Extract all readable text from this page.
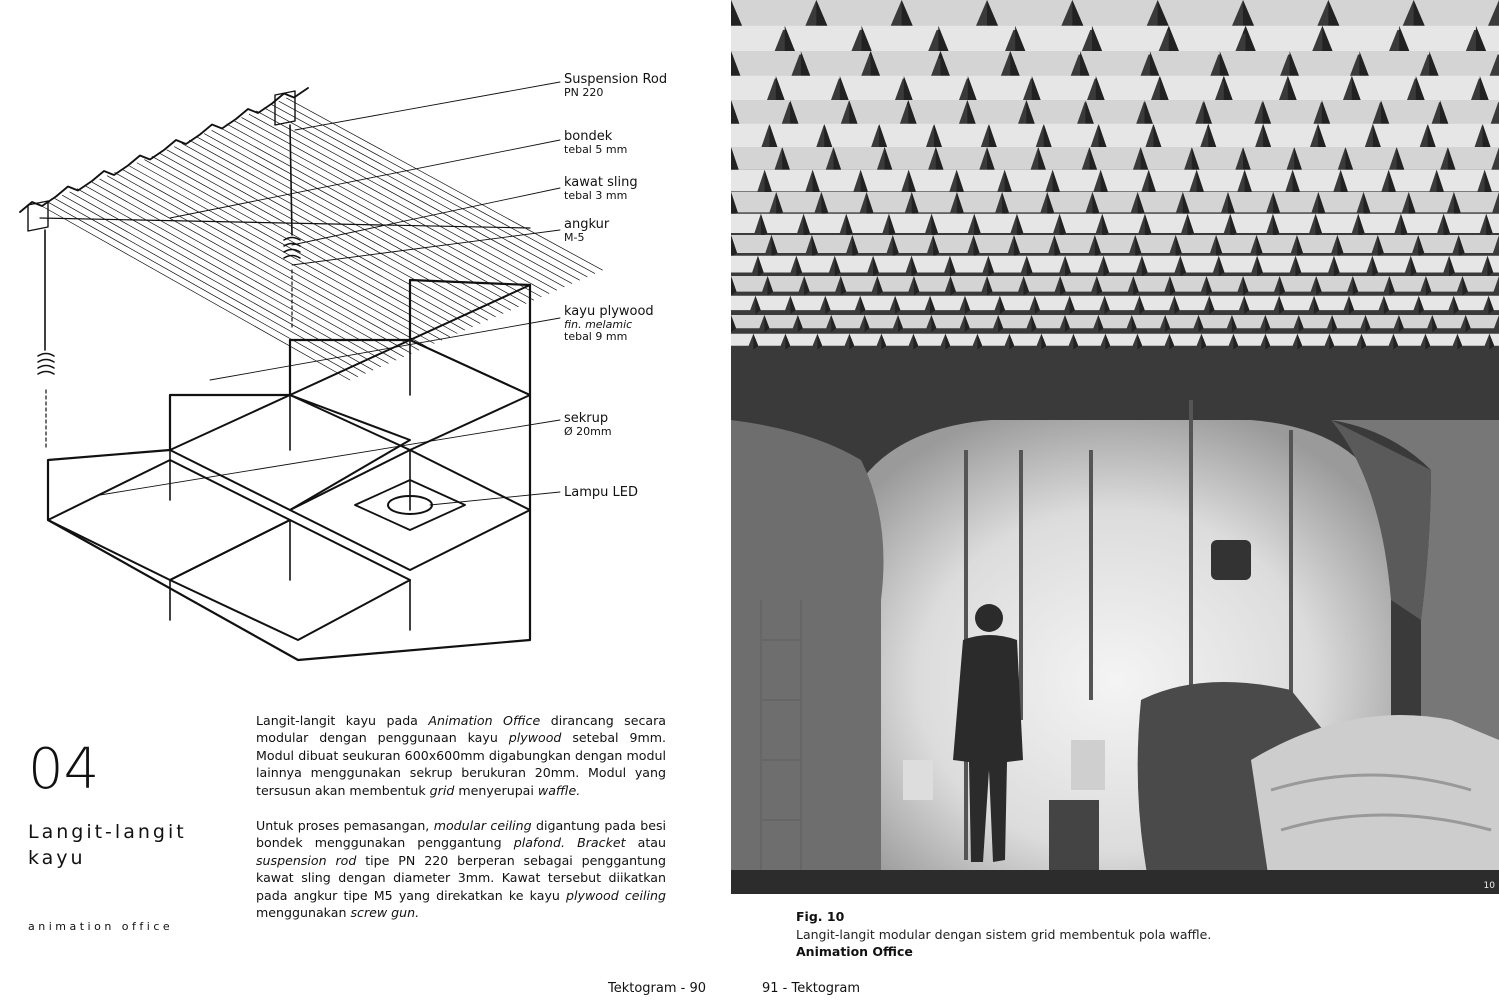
Suspension Rod
PN 220
bondek
tebal 5 mm
kawat sling
tebal 3 mm
angkur
M-5
kayu plywood
fin. melamic
tebal 9 mm
sekrup
Ø 20mm
Lampu LED
04
Langit-langit
kayu
animation office
Langit-langit kayu pada Animation Office dirancang secara modular dengan penggunaan kayu plywood setebal 9mm. Modul dibuat seukuran 600x600mm digabungkan dengan modul lainnya menggunakan sekrup berukuran 20mm. Modul yang tersusun akan membentuk grid menyerupai waffle.
Untuk proses pemasangan, modular ceiling digantung pada besi bondek menggunakan penggantung plafond. Bracket atau suspension rod tipe PN 220 berperan sebagai penggantung kawat sling dengan diameter 3mm. Kawat tersebut diikatkan pada angkur tipe M5 yang direkatkan ke kayu plywood ceiling menggunakan screw gun.
10
Fig. 10
Langit-langit modular dengan sistem grid membentuk pola waffle.
Animation Office
Tektogram - 90	91 - Tektogram
